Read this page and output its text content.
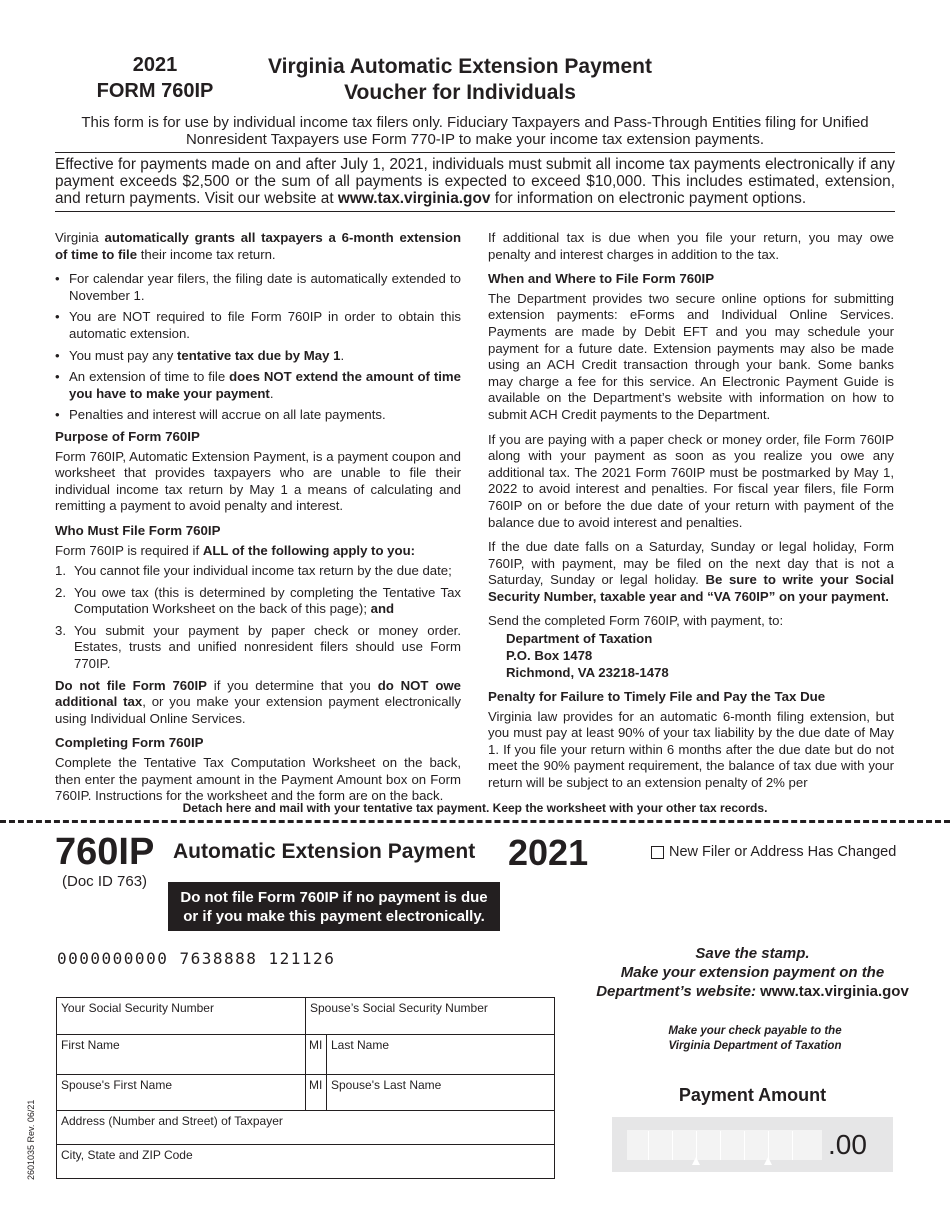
2021
FORM 760IP
Virginia Automatic Extension Payment
Voucher for Individuals
This form is for use by individual income tax filers only. Fiduciary Taxpayers and Pass-Through Entities filing for Unified Nonresident Taxpayers use Form 770-IP to make your income tax extension payments.
Effective for payments made on and after July 1, 2021, individuals must submit all income tax payments electronically if any payment exceeds $2,500 or the sum of all payments is expected to exceed $10,000. This includes estimated, extension, and return payments. Visit our website at www.tax.virginia.gov for information on electronic payment options.

Virginia automatically grants all taxpayers a 6-month extension of time to file their income tax return.

• For calendar year filers, the filing date is automatically extended to November 1.
• You are NOT required to file Form 760IP in order to obtain this automatic extension.
• You must pay any tentative tax due by May 1.
• An extension of time to file does NOT extend the amount of time you have to make your payment.
• Penalties and interest will accrue on all late payments.
Purpose of Form 760IP

Form 760IP, Automatic Extension Payment, is a payment coupon and worksheet that provides taxpayers who are unable to file their individual income tax return by May 1 a means of calculating and remitting a payment to avoid penalty and interest.

Who Must File Form 760IP

Form 760IP is required if ALL of the following apply to you:

1. You cannot file your individual income tax return by the due date;
2. You owe tax (this is determined by completing the Tentative Tax Computation Worksheet on the back of this page); and
3. You submit your payment by paper check or money order. Estates, trusts and unified nonresident filers should use Form 770IP.

Do not file Form 760IP if you determine that you do NOT owe additional tax, or you make your extension payment electronically using Individual Online Services.

Completing Form 760IP

Complete the Tentative Tax Computation Worksheet on the back, then enter the payment amount in the Payment Amount box on Form 760IP. Instructions for the worksheet and the form are on the back.

If additional tax is due when you file your return, you may owe penalty and interest charges in addition to the tax.

When and Where to File Form 760IP

The Department provides two secure online options for submitting extension payments: eForms and Individual Online Services. Payments are made by Debit EFT and you may schedule your payment for a future date. Extension payments may also be made using an ACH Credit transaction through your bank. Some banks may charge a fee for this service. An Electronic Payment Guide is available on the Department’s website with information on how to submit ACH Credit payments to the Department.

If you are paying with a paper check or money order, file Form 760IP along with your payment as soon as you realize you owe any additional tax. The 2021 Form 760IP must be postmarked by May 1, 2022 to avoid interest and penalties. For fiscal year filers, file Form 760IP on or before the due date of your return with payment of the balance due to avoid interest and penalties.

If the due date falls on a Saturday, Sunday or legal holiday, Form 760IP, with payment, may be filed on the next day that is not a Saturday, Sunday or legal holiday. Be sure to write your Social Security Number, taxable year and “VA 760IP” on your payment.

Send the completed Form 760IP, with payment, to:

Department of Taxation
P.O. Box 1478
Richmond, VA 23218-1478
Penalty for Failure to Timely File and Pay the Tax Due

Virginia law provides for an automatic 6-month filing extension, but you must pay at least 90% of your tax liability by the due date of May 1. If you file your return within 6 months after the due date but do not meet the 90% payment requirement, the balance of tax due with your return will be subject to an extension penalty of 2% per

Detach here and mail with your tentative tax payment. Keep the worksheet with your other tax records.
760IP
(Doc ID 763)
Automatic Extension Payment 2021	New Filer or Address Has Changed
Do not file Form 760IP if no payment is due
or if you make this payment electronically.
0000000000 7638888 121126
2601035 Rev. 06/21
Your Social Security Number	Spouse’s Social Security Number
First Name	MI Last Name
Spouse's First Name	MI Spouse's Last Name
Address (Number and Street) of Taxpayer
City, State and ZIP Code
Save the stamp.
Make your extension payment on the
Department’s website: www.tax.virginia.gov
Make your check payable to the
Virginia Department of Taxation
Payment Amount
.00
